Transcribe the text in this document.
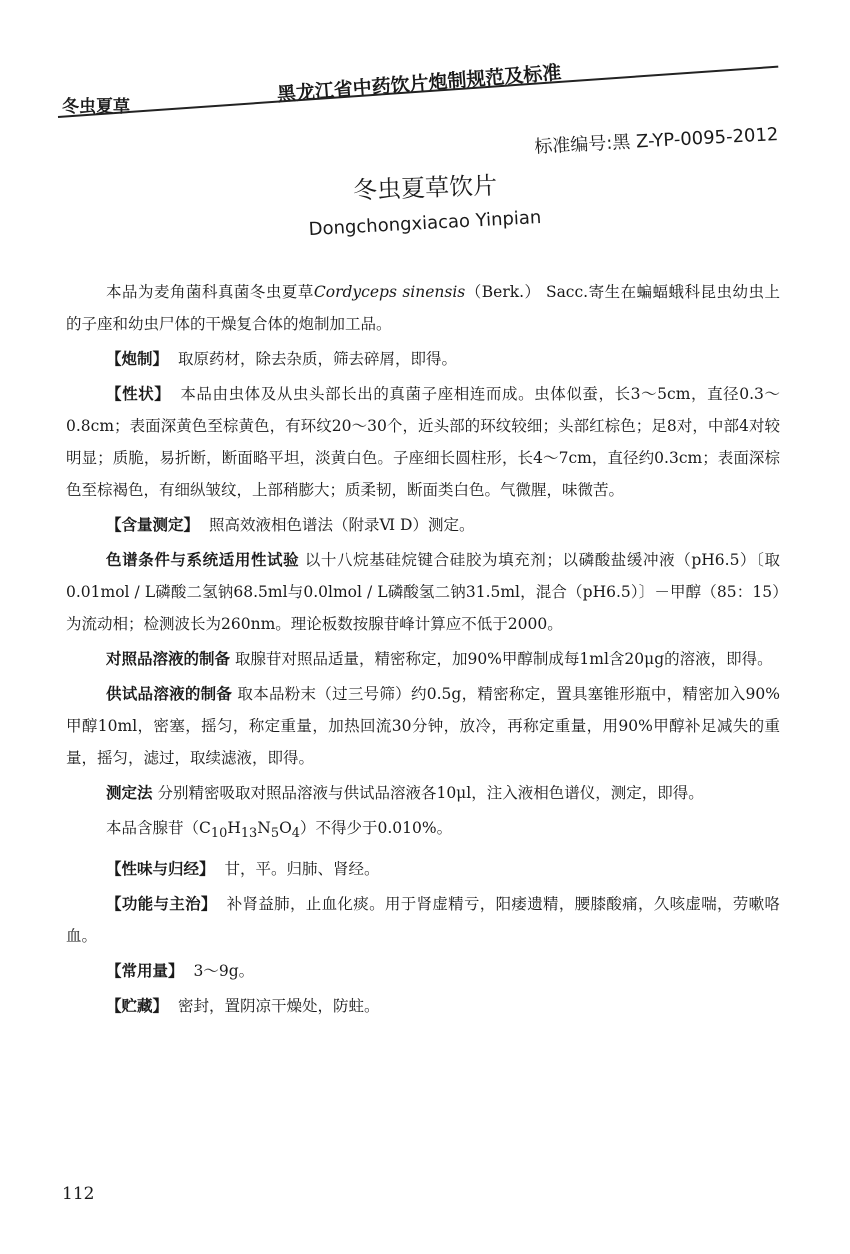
冬虫夏草
黑龙江省中药饮片炮制规范及标准
标准编号:黑 Z-YP-0095-2012
冬虫夏草饮片
Dongchongxiacao Yinpian

本品为麦角菌科真菌冬虫夏草Cordyceps sinensis（Berk.） Sacc.寄生在蝙蝠蛾科昆虫幼虫上的子座和幼虫尸体的干燥复合体的炮制加工品。

【炮制】 取原药材，除去杂质，筛去碎屑，即得。

【性状】 本品由虫体及从虫头部长出的真菌子座相连而成。虫体似蚕，长3～5cm，直径0.3～0.8cm；表面深黄色至棕黄色，有环纹20～30个，近头部的环纹较细；头部红棕色；足8对，中部4对较明显；质脆，易折断，断面略平坦，淡黄白色。子座细长圆柱形，长4～7cm，直径约0.3cm；表面深棕色至棕褐色，有细纵皱纹，上部稍膨大；质柔韧，断面类白色。气微腥，味微苦。

【含量测定】 照高效液相色谱法（附录Ⅵ D）测定。

色谱条件与系统适用性试验 以十八烷基硅烷键合硅胶为填充剂；以磷酸盐缓冲液（pH6.5）〔取0.01mol / L磷酸二氢钠68.5ml与0.0lmol / L磷酸氢二钠31.5ml，混合（pH6.5）〕－甲醇（85：15）为流动相；检测波长为260nm。理论板数按腺苷峰计算应不低于2000。

对照品溶液的制备 取腺苷对照品适量，精密称定，加90%甲醇制成每1ml含20μg的溶液，即得。

供试品溶液的制备 取本品粉末（过三号筛）约0.5g，精密称定，置具塞锥形瓶中，精密加入90%甲醇10ml，密塞，摇匀，称定重量，加热回流30分钟，放冷，再称定重量，用90%甲醇补足减失的重量，摇匀，滤过，取续滤液，即得。

测定法 分别精密吸取对照品溶液与供试品溶液各10μl，注入液相色谱仪，测定，即得。

本品含腺苷$(C_{10}H_{13}N_5O_4)$不得少于0.010%。

【性味与归经】 甘，平。归肺、肾经。

【功能与主治】 补肾益肺，止血化痰。用于肾虚精亏，阳痿遗精，腰膝酸痛，久咳虚喘，劳嗽咯血。

【常用量】 3～9g。

【贮藏】 密封，置阴凉干燥处，防蛀。

112
